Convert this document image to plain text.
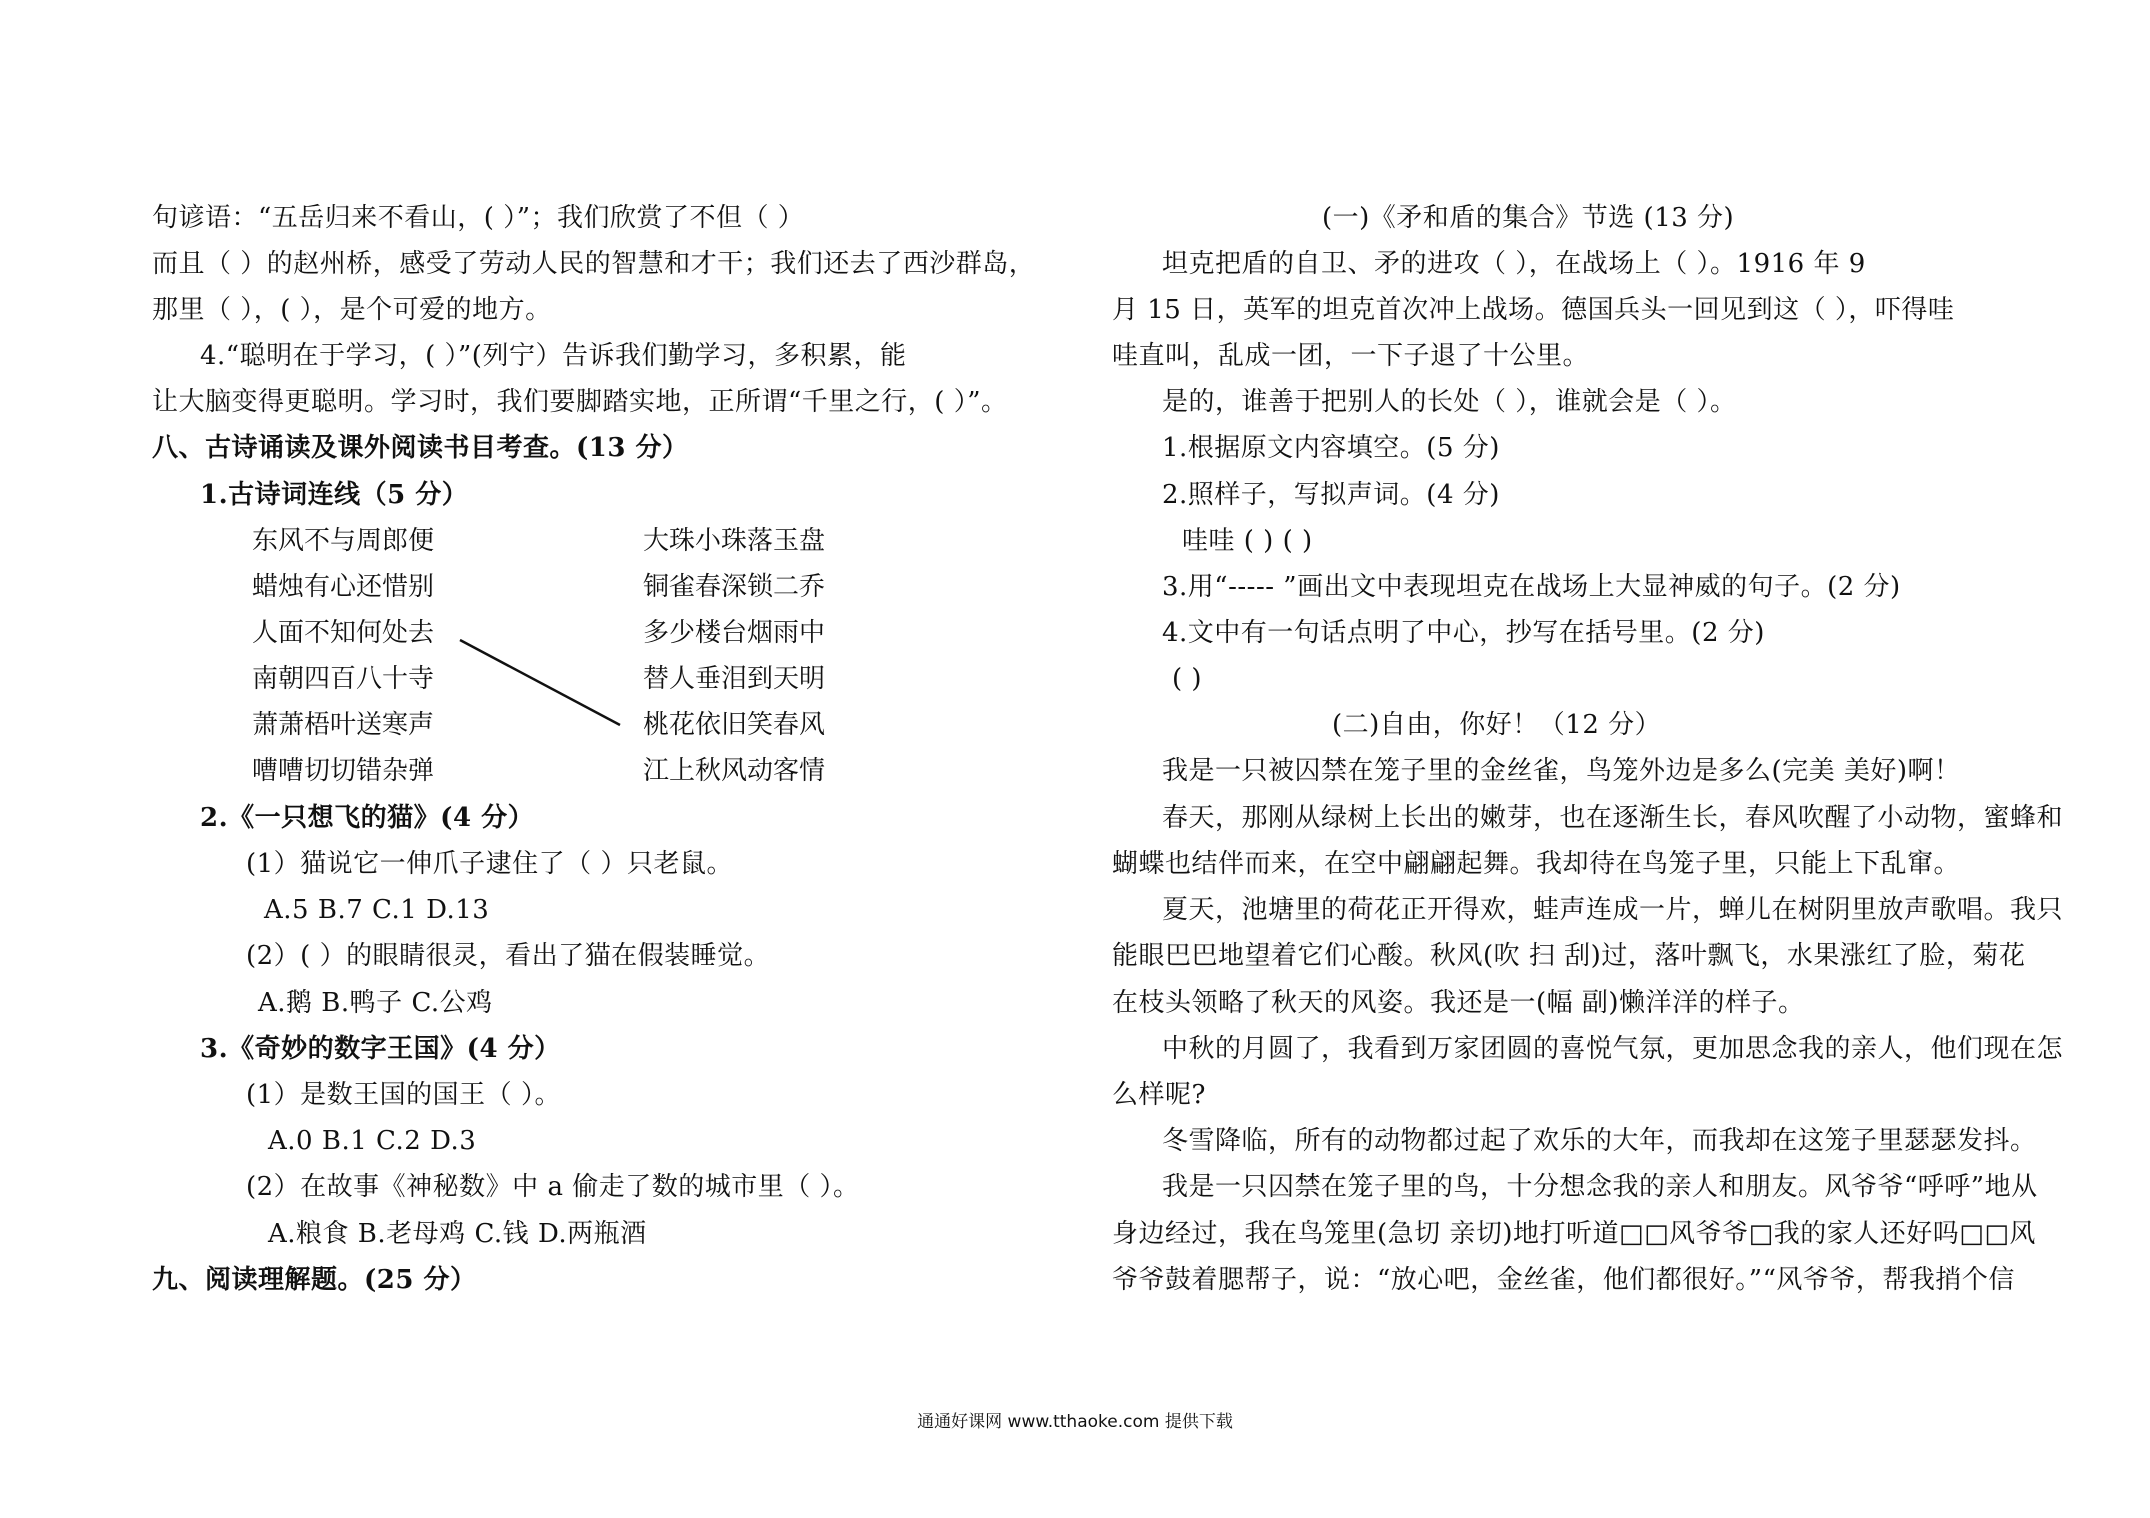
句谚语：“五岳归来不看山，( ）”；我们欣赏了不但（ ）
而且（ ）的赵州桥，感受了劳动人民的智慧和才干；我们还去了西沙群岛，
那里（ ），( ），是个可爱的地方。
4.“聪明在于学习，( ）”(列宁）告诉我们勤学习，多积累，能
让大脑变得更聪明。学习时，我们要脚踏实地，正所谓“千里之行，( ）”。
八、古诗诵读及课外阅读书目考查。(13 分）
1.古诗词连线（5 分）
东风不与周郎便	大珠小珠落玉盘
蜡烛有心还惜别	铜雀春深锁二乔
人面不知何处去	多少楼台烟雨中
南朝四百八十寺	替人垂泪到天明
萧萧梧叶送寒声	桃花依旧笑春风
嘈嘈切切错杂弹	江上秋风动客情
2.《一只想飞的猫》(4 分）
(1）猫说它一伸爪子逮住了（ ）只老鼠。
A.5 B.7 C.1 D.13
(2）( ）的眼睛很灵，看出了猫在假装睡觉。
A.鹅 B.鸭子 C.公鸡
3.《奇妙的数字王国》(4 分）
(1）是数王国的国王（ ）。
A.0 B.1 C.2 D.3
(2）在故事《神秘数》中 a 偷走了数的城市里（ ）。
A.粮食 B.老母鸡 C.钱 D.两瓶酒
九、阅读理解题。(25 分）
(一)《矛和盾的集合》节选 (13 分)
坦克把盾的自卫、矛的进攻（ ），在战场上（ ）。1916 年 9
月 15 日，英军的坦克首次冲上战场。德国兵头一回见到这（ ），吓得哇
哇直叫，乱成一团，一下子退了十公里。
是的，谁善于把别人的长处（ ），谁就会是（ ）。
1.根据原文内容填空。(5 分)
2.照样子，写拟声词。(4 分)
哇哇 ( ) ( )
3.用“----- ”画出文中表现坦克在战场上大显神威的句子。(2 分)
4.文中有一句话点明了中心，抄写在括号里。(2 分)
( )
(二)自由，你好！（12 分）
我是一只被囚禁在笼子里的金丝雀，鸟笼外边是多么(完美 美好)啊！
春天，那刚从绿树上长出的嫩芽，也在逐渐生长，春风吹醒了小动物，蜜蜂和
蝴蝶也结伴而来，在空中翩翩起舞。我却待在鸟笼子里，只能上下乱窜。
夏天，池塘里的荷花正开得欢，蛙声连成一片，蝉儿在树阴里放声歌唱。我只
能眼巴巴地望着它们心酸。秋风(吹 扫 刮)过，落叶飘飞，水果涨红了脸，菊花
在枝头领略了秋天的风姿。我还是一(幅 副)懒洋洋的样子。
中秋的月圆了，我看到万家团圆的喜悦气氛，更加思念我的亲人，他们现在怎
么样呢?
冬雪降临，所有的动物都过起了欢乐的大年，而我却在这笼子里瑟瑟发抖。
我是一只囚禁在笼子里的鸟，十分想念我的亲人和朋友。风爷爷“呼呼”地从
身边经过，我在鸟笼里(急切 亲切)地打听道□□风爷爷□我的家人还好吗□□风
爷爷鼓着腮帮子，说：“放心吧，金丝雀，他们都很好。”“风爷爷，帮我捎个信
通通好课网 www.tthaoke.com 提供下载
